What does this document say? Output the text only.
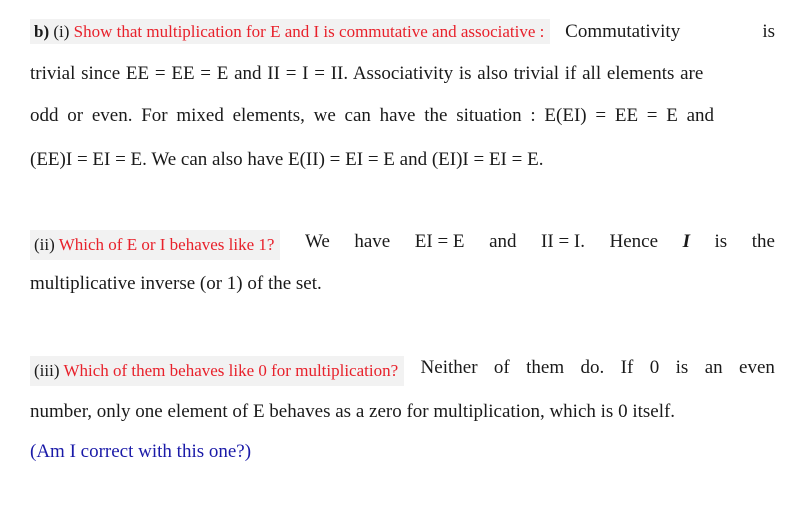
b) (i) Show that multiplication for E and I is commutative and associative : Commutativity	is
trivial since EE = EE = E and II = I = II. Associativity is also trivial if all elements are
odd or even. For mixed elements, we can have the situation : E(EI) = EE = E and
(EE)I = EI = E. We can also have E(II) = EI = E and (EI)I = EI = E.
(ii) Which of E or I behaves like 1?	We have EI = E and II = I. Hence I is the
multiplicative inverse (or 1) of the set.
(iii) Which of them behaves like 0 for multiplication?	Neither of them do. If 0 is an even
number, only one element of E behaves as a zero for multiplication, which is 0 itself.
(Am I correct with this one?)
